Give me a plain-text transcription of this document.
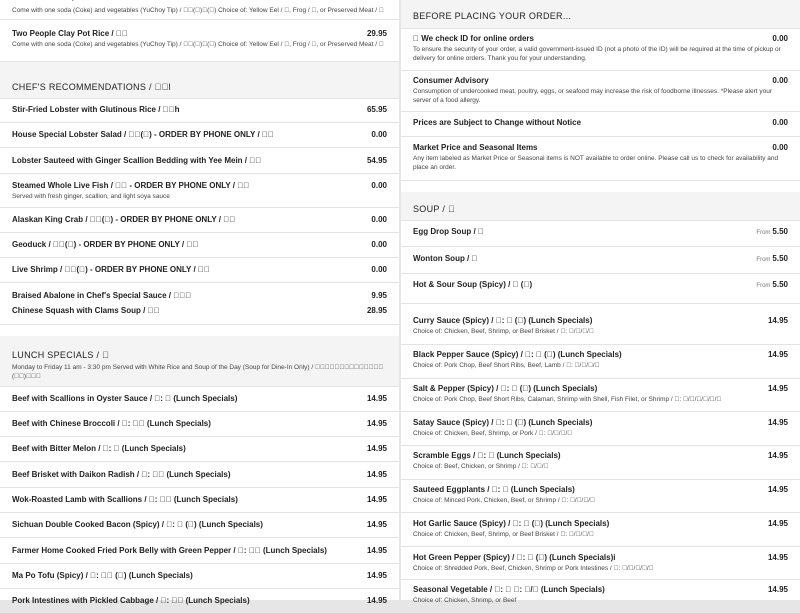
Come with one soda (Coke) and vegetables (YuChoy Tip) / 𠄀𠄀(𠄀)𠄀(𠄀) Choice of: Yellow Eel / 𠄀, Frog / 𠄀, or Preserved Meat / 𠄀
Two People Clay Pot Rice / 𠄀𠄀	29.95
Come with one soda (Coke) and vegetables (YuChoy Tip) / 𠄀𠄀(𠄀)𠄀(𠄀) Choice of: Yellow Eel / 𠄀, Frog / 𠄀, or Preserved Meat / 𠄀
CHEF'S RECOMMENDATIONS / 𠄀𠄀l
Stir-Fried Lobster with Glutinous Rice / 𠄀𠄀h	65.95
House Special Lobster Salad / 𠄀𠄀(𠄀) - ORDER BY PHONE ONLY / 𠄀𠄀	0.00
Lobster Sauteed with Ginger Scallion Bedding with Yee Mein / 𠄀𠄀	54.95
Steamed Whole Live Fish / 𠄀𠄀 - ORDER BY PHONE ONLY / 𠄀𠄀	0.00
Served with fresh ginger, scallion, and light soya sauce
Alaskan King Crab / 𠄀𠄀(𠄀) - ORDER BY PHONE ONLY / 𠄀𠄀	0.00
Geoduck / 𠄀𠄀(𠄀) - ORDER BY PHONE ONLY / 𠄀𠄀	0.00
Live Shrimp / 𠄀𠄀(𠄀) - ORDER BY PHONE ONLY / 𠄀𠄀	0.00
Braised Abalone in Chef's Special Sauce / 𠄀𠄀𠄀	9.95
Chinese Squash with Clams Soup / 𠄀𠄀	28.95
LUNCH SPECIALS / 𠄀
Monday to Friday 11 am - 3:30 pm Served with White Rice and Soup of the Day (Soup for Dine-In Only) / 𠄀𠄀𠄀𠄀𠄀𠄀𠄀𠄀𠄀𠄀𠄀𠄀𠄀𠄀(𠄀𠄀)𠄀𠄀𠄀
Beef with Scallions in Oyster Sauce / 𠄀: 𠄀 (Lunch Specials)	14.95
Beef with Chinese Broccoli / 𠄀: 𠄀𠄀 (Lunch Specials)	14.95
Beef with Bitter Melon / 𠄀: 𠄀 (Lunch Specials)	14.95
Beef Brisket with Daikon Radish / 𠄀: 𠄀𠄀 (Lunch Specials)	14.95
Wok-Roasted Lamb with Scallions / 𠄀: 𠄀𠄀 (Lunch Specials)	14.95
Sichuan Double Cooked Bacon (Spicy) / 𠄀: 𠄀 (𠄀) (Lunch Specials)	14.95
Farmer Home Cooked Fried Pork Belly with Green Pepper / 𠄀: 𠄀𠄀 (Lunch Specials)	14.95
Ma Po Tofu (Spicy) / 𠄀: 𠄀𠄀 (𠄀) (Lunch Specials)	14.95
Pork Intestines with Pickled Cabbage / 𠄀: 𠄀𠄀 (Lunch Specials)	14.95
BEFORE PLACING YOUR ORDER...
𠄀 We check ID for online orders	0.00
To ensure the security of your order, a valid government-issued ID (not a photo of the ID) will be required at the time of pickup or delivery for online orders. Thank you for your understanding.
Consumer Advisory	0.00
Consumption of undercooked meat, poultry, eggs, or seafood may increase the risk of foodborne illnesses. *Please alert your server of a food allergy.
Prices are Subject to Change without Notice	0.00
Market Price and Seasonal Items	0.00
Any item labeled as Market Price or Seasonal items is NOT available to order online. Please call us to check for availability and place an order.
SOUP / 𠄀
Egg Drop Soup / 𠄀	From 5.50
Wonton Soup / 𠄀	From 5.50
Hot & Sour Soup (Spicy) / 𠄀 (𠄀)	From 5.50
Curry Sauce (Spicy) / 𠄀: 𠄀 (𠄀) (Lunch Specials)	14.95
Choice of: Chicken, Beef, Shrimp, or Beef Brisket / 𠄀: 𠄀/𠄀/𠄀/𠄀
Black Pepper Sauce (Spicy) / 𠄀: 𠄀 (𠄀) (Lunch Specials)	14.95
Choice of: Pork Chop, Beef Short Ribs, Beef, Lamb / 𠄀: 𠄀/𠄀/𠄀/𠄀
Salt & Pepper (Spicy) / 𠄀: 𠄀 (𠄀) (Lunch Specials)	14.95
Choice of: Pork Chop, Beef Short Ribs, Calamari, Shrimp with Shell, Fish Filet, or Shrimp / 𠄀: 𠄀/𠄀/𠄀/𠄀/𠄀/𠄀
Satay Sauce (Spicy) / 𠄀: 𠄀 (𠄀) (Lunch Specials)	14.95
Choice of: Chicken, Beef, Shrimp, or Pork / 𠄀: 𠄀/𠄀/𠄀/𠄀
Scramble Eggs / 𠄀: 𠄀 (Lunch Specials)	14.95
Choice of: Beef, Chicken, or Shrimp / 𠄀: 𠄀/𠄀/𠄀
Sauteed Eggplants / 𠄀: 𠄀 (Lunch Specials)	14.95
Choice of: Minced Pork, Chicken, Beef, or Shrimp / 𠄀: 𠄀/𠄀/𠄀/𠄀
Hot Garlic Sauce (Spicy) / 𠄀: 𠄀 (𠄀) (Lunch Specials)	14.95
Choice of: Chicken, Beef, Shrimp, or Beef Brisket / 𠄀: 𠄀/𠄀/𠄀/𠄀
Hot Green Pepper (Spicy) / 𠄀: 𠄀 (𠄀) (Lunch Specials)i	14.95
Choice of: Shredded Pork, Beef, Chicken, Shrimp or Pork Intestines / 𠄀: 𠄀/𠄀/𠄀/𠄀/𠄀
Seasonal Vegetable / 𠄀: 𠄀 𠄀: 𠄀/𠄀 (Lunch Specials)	14.95
Choice of: Chicken, Shrimp, or Beef
